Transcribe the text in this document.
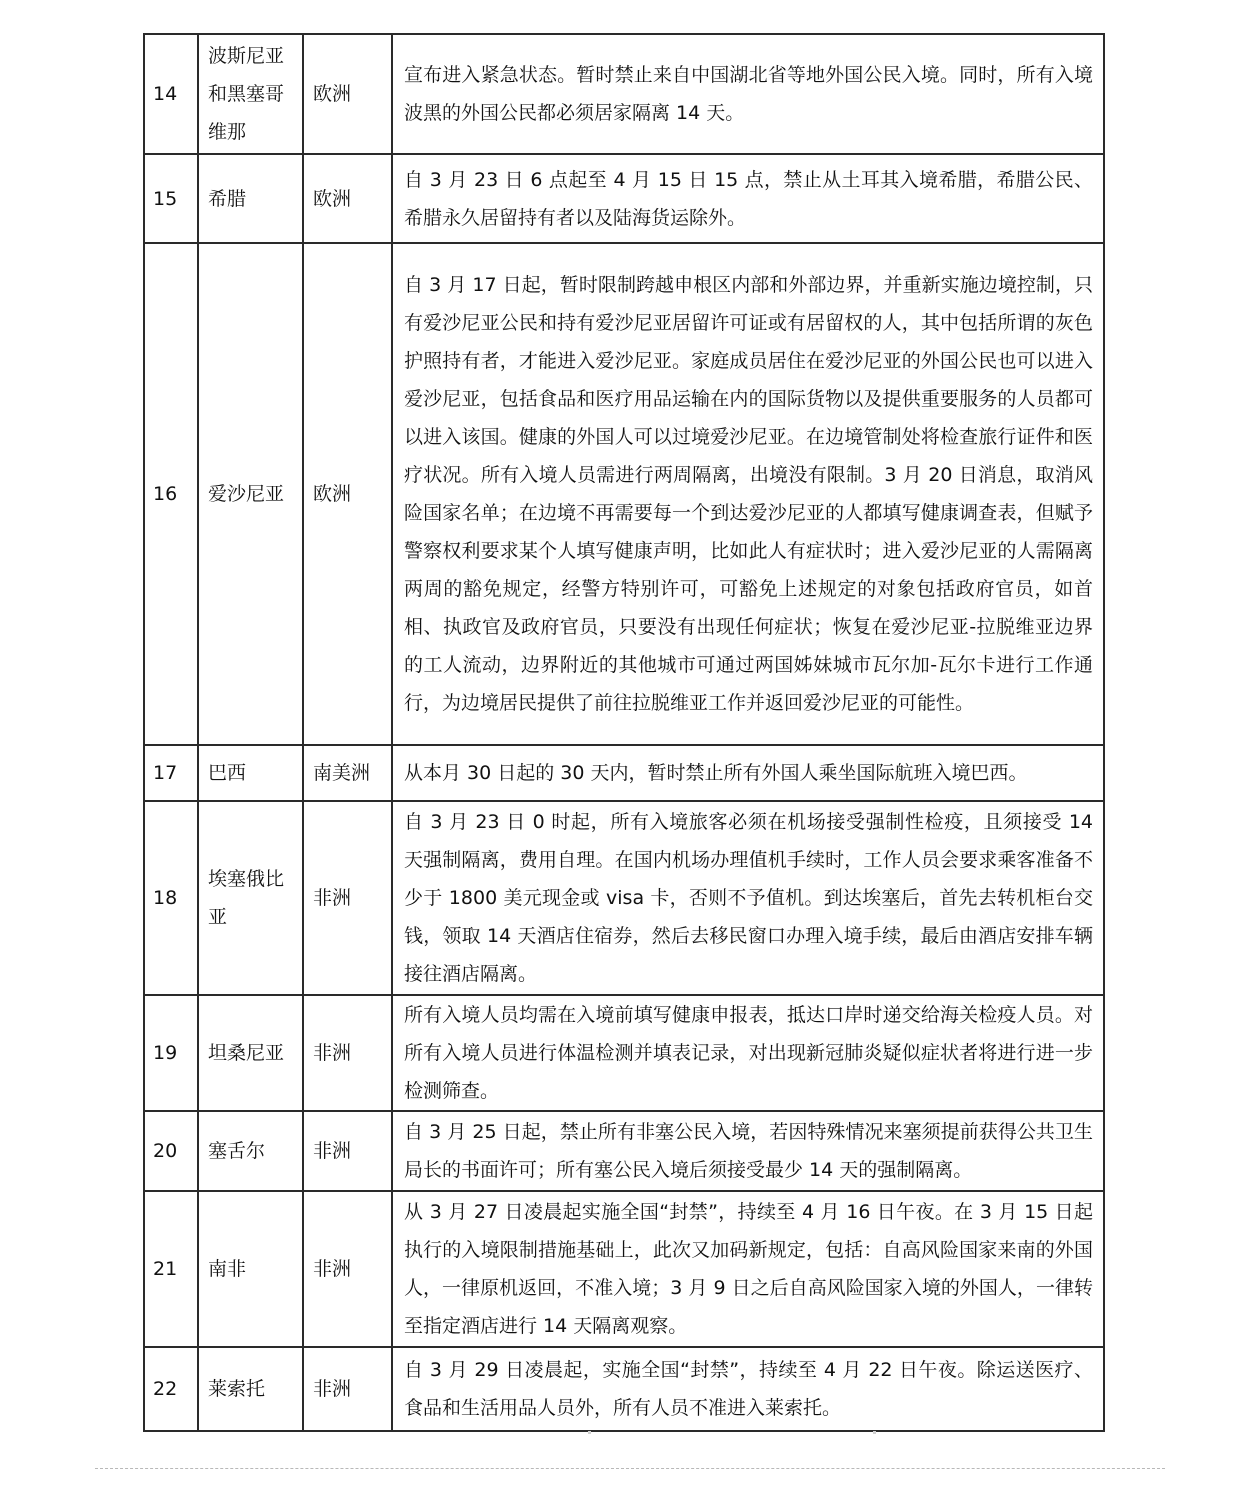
14	波斯尼亚和黑塞哥维那	欧洲	宣布进入紧急状态。暂时禁止来自中国湖北省等地外国公民入境。同时，所有入境波黑的外国公民都必须居家隔离 14 天。
15	希腊	欧洲	自 3 月 23 日 6 点起至 4 月 15 日 15 点，禁止从土耳其入境希腊，希腊公民、希腊永久居留持有者以及陆海货运除外。
16	爱沙尼亚	欧洲	自 3 月 17 日起，暂时限制跨越申根区内部和外部边界，并重新实施边境控制，只有爱沙尼亚公民和持有爱沙尼亚居留许可证或有居留权的人，其中包括所谓的灰色护照持有者，才能进入爱沙尼亚。家庭成员居住在爱沙尼亚的外国公民也可以进入爱沙尼亚，包括食品和医疗用品运输在内的国际货物以及提供重要服务的人员都可以进入该国。健康的外国人可以过境爱沙尼亚。在边境管制处将检查旅行证件和医疗状况。所有入境人员需进行两周隔离，出境没有限制。3 月 20 日消息，取消风险国家名单；在边境不再需要每一个到达爱沙尼亚的人都填写健康调查表，但赋予警察权利要求某个人填写健康声明，比如此人有症状时；进入爱沙尼亚的人需隔离两周的豁免规定，经警方特别许可，可豁免上述规定的对象包括政府官员，如首相、执政官及政府官员，只要没有出现任何症状；恢复在爱沙尼亚-拉脱维亚边界的工人流动，边界附近的其他城市可通过两国姊妹城市瓦尔加-瓦尔卡进行工作通行，为边境居民提供了前往拉脱维亚工作并返回爱沙尼亚的可能性。
17	巴西	南美洲	从本月 30 日起的 30 天内，暂时禁止所有外国人乘坐国际航班入境巴西。
18	埃塞俄比亚	非洲	自 3 月 23 日 0 时起，所有入境旅客必须在机场接受强制性检疫，且须接受 14 天强制隔离，费用自理。在国内机场办理值机手续时，工作人员会要求乘客准备不少于 1800 美元现金或 visa 卡，否则不予值机。到达埃塞后，首先去转机柜台交钱，领取 14 天酒店住宿券，然后去移民窗口办理入境手续，最后由酒店安排车辆接往酒店隔离。
19	坦桑尼亚	非洲	所有入境人员均需在入境前填写健康申报表，抵达口岸时递交给海关检疫人员。对所有入境人员进行体温检测并填表记录，对出现新冠肺炎疑似症状者将进行进一步检测筛查。
20	塞舌尔	非洲	自 3 月 25 日起，禁止所有非塞公民入境，若因特殊情况来塞须提前获得公共卫生局长的书面许可；所有塞公民入境后须接受最少 14 天的强制隔离。
21	南非	非洲	从 3 月 27 日凌晨起实施全国“封禁”，持续至 4 月 16 日午夜。在 3 月 15 日起执行的入境限制措施基础上，此次又加码新规定，包括：自高风险国家来南的外国人，一律原机返回，不准入境；3 月 9 日之后自高风险国家入境的外国人，一律转至指定酒店进行 14 天隔离观察。
22	莱索托	非洲	自 3 月 29 日凌晨起，实施全国“封禁”，持续至 4 月 22 日午夜。除运送医疗、食品和生活用品人员外，所有人员不准进入莱索托。
